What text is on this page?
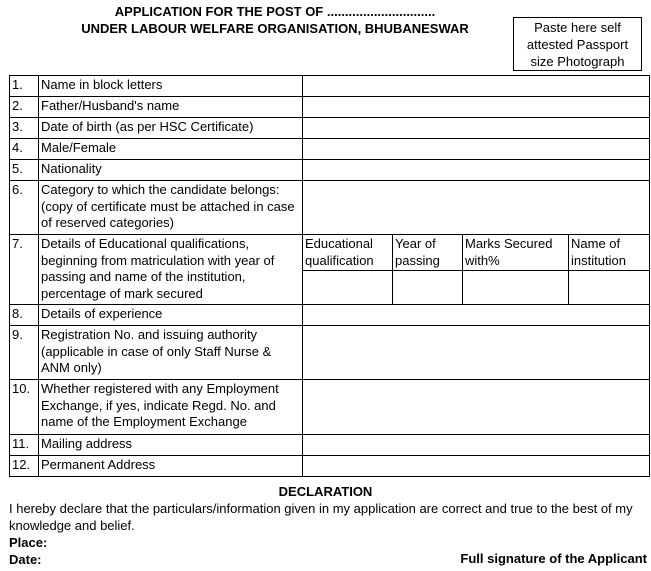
APPLICATION FOR THE POST OF ..............................
UNDER LABOUR WELFARE ORGANISATION, BHUBANESWAR	Paste here self
attested Passport
size Photograph
1.	Name in block letters				
2.	Father/Husband's name				
3.	Date of birth (as per HSC Certificate)				
4.	Male/Female				
5.	Nationality				
6.	Category to which the candidate belongs: (copy of certificate must be attached in case of reserved categories)				
7.	Details of Educational qualifications, beginning from matriculation with year of passing and name of the institution, percentage of mark secured	Educational qualification	Year of passing	Marks Secured with%	Name of institution

8.	Details of experience				
9.	Registration No. and issuing authority (applicable in case of only Staff Nurse & ANM only)				
10.	Whether registered with any Employment Exchange, if yes, indicate Regd. No. and name of the Employment Exchange				
11.	Mailing address				
12.	Permanent Address				
DECLARATION
I hereby declare that the particulars/information given in my application are correct and true to the best of my knowledge and belief.
Place:
Date:	Full signature of the Applicant
